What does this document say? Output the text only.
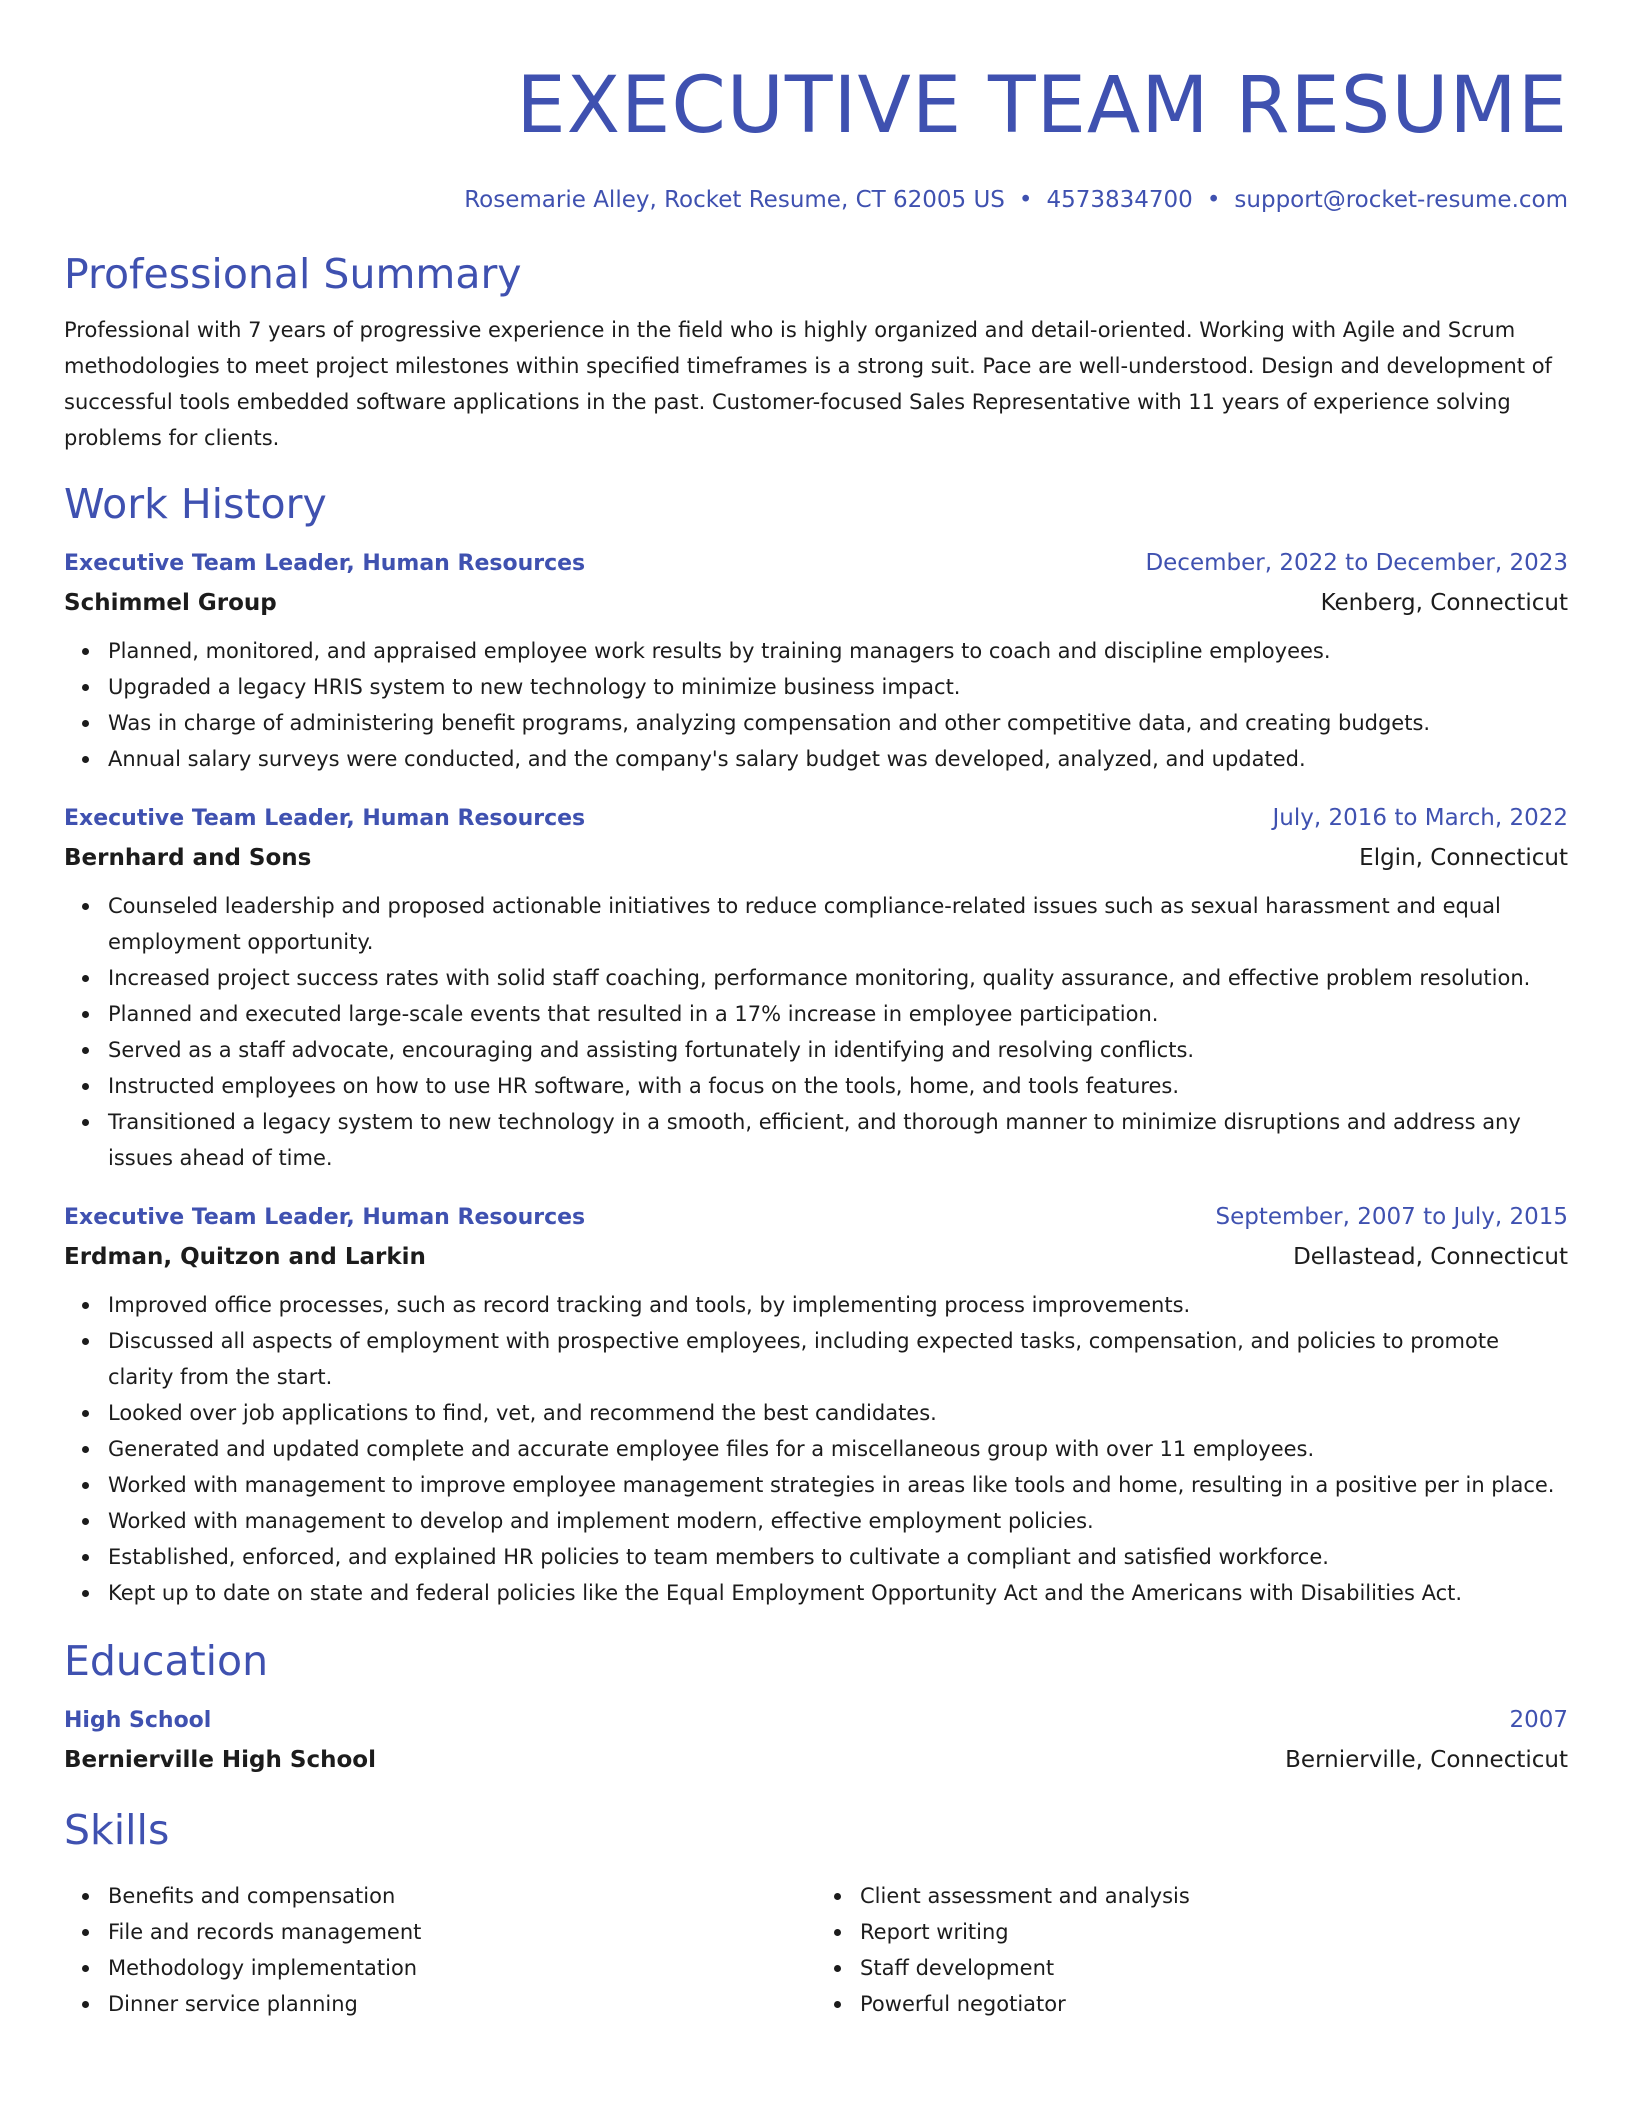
EXECUTIVE TEAM RESUME
Rosemarie Alley, Rocket Resume, CT 62005 US • 4573834700 • support@rocket-resume.com
Professional Summary

Professional with 7 years of progressive experience in the field who is highly organized and detail-oriented. Working with Agile and Scrum methodologies to meet project milestones within specified timeframes is a strong suit. Pace are well-understood. Design and development of successful tools embedded software applications in the past. Customer-focused Sales Representative with 11 years of experience solving problems for clients.

Work History
Executive Team Leader, Human Resources	December, 2022 to December, 2023
Schimmel Group	Kenberg, Connecticut
Planned, monitored, and appraised employee work results by training managers to coach and discipline employees.
Upgraded a legacy HRIS system to new technology to minimize business impact.
Was in charge of administering benefit programs, analyzing compensation and other competitive data, and creating budgets.
Annual salary surveys were conducted, and the company's salary budget was developed, analyzed, and updated.
Executive Team Leader, Human Resources	July, 2016 to March, 2022
Bernhard and Sons	Elgin, Connecticut
Counseled leadership and proposed actionable initiatives to reduce compliance-related issues such as sexual harassment and equal employment opportunity.
Increased project success rates with solid staff coaching, performance monitoring, quality assurance, and effective problem resolution.
Planned and executed large-scale events that resulted in a 17% increase in employee participation.
Served as a staff advocate, encouraging and assisting fortunately in identifying and resolving conflicts.
Instructed employees on how to use HR software, with a focus on the tools, home, and tools features.
Transitioned a legacy system to new technology in a smooth, efficient, and thorough manner to minimize disruptions and address any issues ahead of time.
Executive Team Leader, Human Resources	September, 2007 to July, 2015
Erdman, Quitzon and Larkin	Dellastead, Connecticut
Improved office processes, such as record tracking and tools, by implementing process improvements.
Discussed all aspects of employment with prospective employees, including expected tasks, compensation, and policies to promote clarity from the start.
Looked over job applications to find, vet, and recommend the best candidates.
Generated and updated complete and accurate employee files for a miscellaneous group with over 11 employees.
Worked with management to improve employee management strategies in areas like tools and home, resulting in a positive per in place.
Worked with management to develop and implement modern, effective employment policies.
Established, enforced, and explained HR policies to team members to cultivate a compliant and satisfied workforce.
Kept up to date on state and federal policies like the Equal Employment Opportunity Act and the Americans with Disabilities Act.
Education
High School	2007
Bernierville High School	Bernierville, Connecticut
Skills
Benefits and compensation
File and records management
Methodology implementation
Dinner service planning
Client assessment and analysis
Report writing
Staff development
Powerful negotiator
